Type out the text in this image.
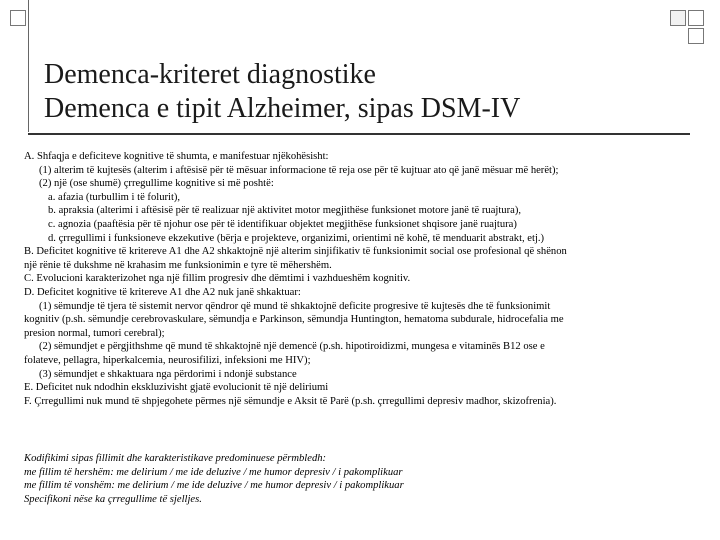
Demenca-kriteret diagnostike
Demenca e tipit Alzheimer, sipas DSM-IV
A. Shfaqja e deficiteve kognitive të shumta, e manifestuar njëkohësisht:
(1) alterim të kujtesës (alterim i aftësisë për të mësuar informacione të reja ose për të kujtuar ato që janë mësuar më herët);
(2) një (ose shumë) çrregullime kognitive si më poshtë:
a. afazia (turbullim i të folurit),
b. apraksia (alterimi i aftësisë për të realizuar një aktivitet motor megjithëse funksionet motore janë të ruajtura),
c. agnozia (paaftësia për të njohur ose për të identifikuar objektet megjithëse funksionet shqisore janë ruajtura)
d. çrregullimi i funksioneve ekzekutive (bërja e projekteve, organizimi, orientimi në kohë, të menduarit abstrakt, etj.)
B. Deficitet kognitive të kritereve A1 dhe A2 shkaktojnë një alterim sinjifikativ të funksionimit social ose profesional që shënon
një rënie të dukshme në krahasim me funksionimin e tyre të mëhershëm.
C. Evolucioni karakterizohet nga një fillim progresiv dhe dëmtimi i vazhdueshëm kognitiv.
D. Deficitet kognitive të kritereve A1 dhe A2 nuk janë shkaktuar:
(1) sëmundje të tjera të sistemit nervor qëndror që mund të shkaktojnë deficite progresive të kujtesës dhe të funksionimit
kognitiv (p.sh. sëmundje cerebrovaskulare, sëmundja e Parkinson, sëmundja Huntington, hematoma subdurale, hidrocefalia me
presion normal, tumori cerebral);
(2) sëmundjet e përgjithshme që mund të shkaktojnë një demencë (p.sh. hipotiroidizmi, mungesa e vitaminës B12 ose e
folateve, pellagra, hiperkalcemia, neurosifilizi, infeksioni me HIV);
(3) sëmundjet e shkaktuara nga përdorimi i ndonjë substance
E. Deficitet nuk ndodhin ekskluzivisht gjatë evolucionit të një deliriumi
F. Çrregullimi nuk mund të shpjegohete përmes një sëmundje e Aksit të Parë (p.sh. çrregullimi depresiv madhor, skizofrenia).
Kodifikimi sipas fillimit dhe karakteristikave predominuese përmbledh:
me fillim të hershëm: me delirium / me ide deluzive / me humor depresiv / i pakomplikuar
me fillim të vonshëm: me delirium / me ide deluzive / me humor depresiv / i pakomplikuar
Specifikoni nëse ka çrregullime të sjelljes.
